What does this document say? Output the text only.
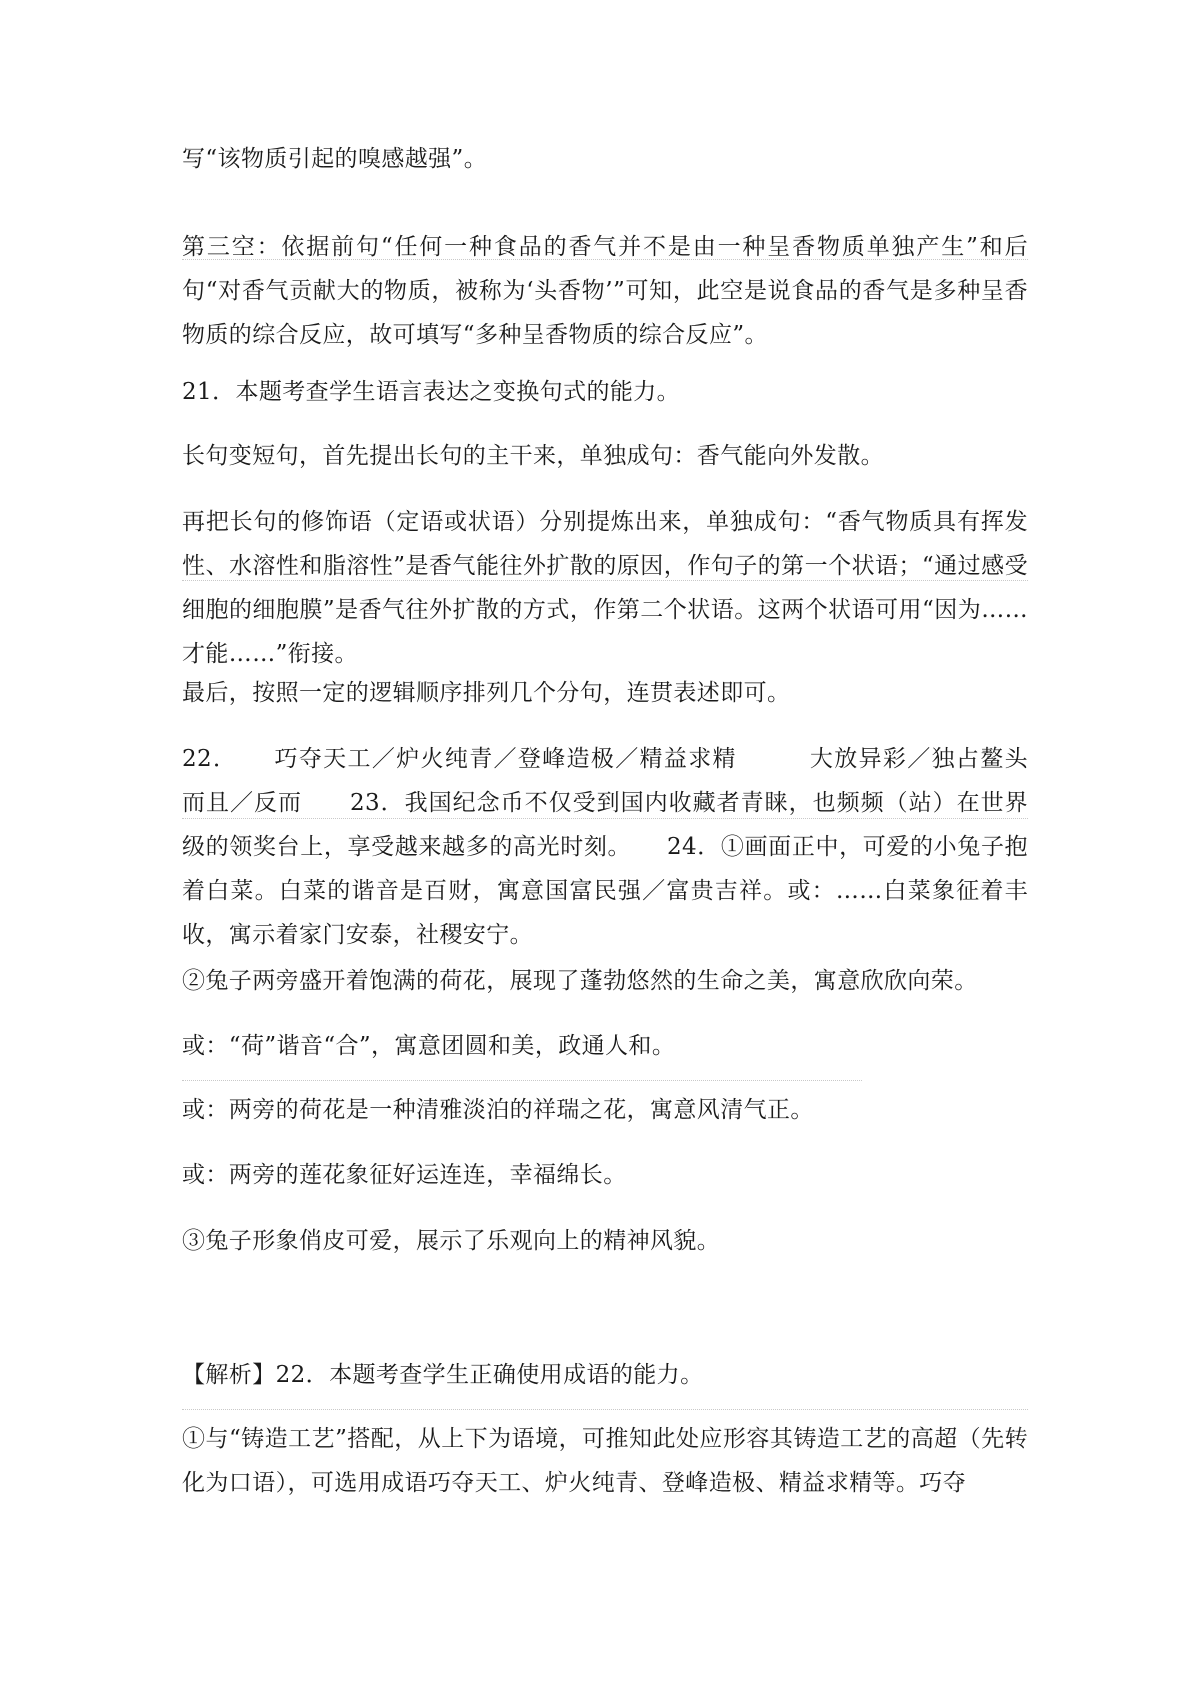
写“该物质引起的嗅感越强”。

第三空：依据前句“任何一种食品的香气并不是由一种呈香物质单独产生”和后句“对香气贡献大的物质，被称为‘头香物’”可知，此空是说食品的香气是多种呈香物质的综合反应，故可填写“多种呈香物质的综合反应”。

21．本题考查学生语言表达之变换句式的能力。

长句变短句，首先提出长句的主干来，单独成句：香气能向外发散。

再把长句的修饰语（定语或状语）分别提炼出来，单独成句：“香气物质具有挥发性、水溶性和脂溶性”是香气能往外扩散的原因，作句子的第一个状语；“通过感受细胞的细胞膜”是香气往外扩散的方式，作第二个状语。这两个状语可用“因为……才能……”衔接。

最后，按照一定的逻辑顺序排列几个分句，连贯表述即可。

22．　　巧夺天工／炉火纯青／登峰造极／精益求精　　　大放异彩／独占鳌头　　而且／反而　　23．我国纪念币不仅受到国内收藏者青睐，也频频（站）在世界级的领奖台上，享受越来越多的高光时刻。　　24．①画面正中，可爱的小兔子抱着白菜。白菜的谐音是百财，寓意国富民强／富贵吉祥。或：……白菜象征着丰收，寓示着家门安泰，社稷安宁。

②兔子两旁盛开着饱满的荷花，展现了蓬勃悠然的生命之美，寓意欣欣向荣。

或：“荷”谐音“合”，寓意团圆和美，政通人和。

或：两旁的荷花是一种清雅淡泊的祥瑞之花，寓意风清气正。

或：两旁的莲花象征好运连连，幸福绵长。

③兔子形象俏皮可爱，展示了乐观向上的精神风貌。

【解析】22．本题考查学生正确使用成语的能力。

①与“铸造工艺”搭配，从上下为语境，可推知此处应形容其铸造工艺的高超（先转化为口语），可选用成语巧夺天工、炉火纯青、登峰造极、精益求精等。巧夺
